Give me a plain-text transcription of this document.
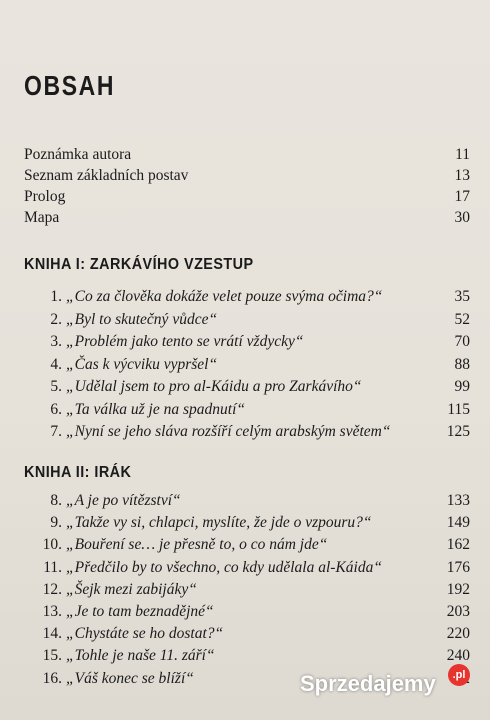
OBSAH
Poznámka autora	11
Seznam základních postav	13
Prolog	17
Mapa	30
KNIHA I: ZARKÁVÍHO VZESTUP
1. „Co za člověka dokáže velet pouze svýma očima?“	35
2. „Byl to skutečný vůdce“	52
3. „Problém jako tento se vrátí vždycky“	70
4. „Čas k výcviku vypršel“	88
5. „Udělal jsem to pro al-Káidu a pro Zarkávího“	99
6. „Ta válka už je na spadnutí“	115
7. „Nyní se jeho sláva rozšíří celým arabským světem“	125
KNIHA II: IRÁK
8. „A je po vítězství“	133
9. „Takže vy si, chlapci, myslíte, že jde o vzpouru?“	149
10. „Bouření se… je přesně to, o co nám jde“	162
11. „Předčilo by to všechno, co kdy udělala al-Káida“	176
12. „Šejk mezi zabijáky“	192
13. „Je to tam beznadějné“	203
14. „Chystáte se ho dostat?“	220
15. „Tohle je naše 11. září“	240
16. „Váš konec se blíží“	Sprzedajemy	.pl
